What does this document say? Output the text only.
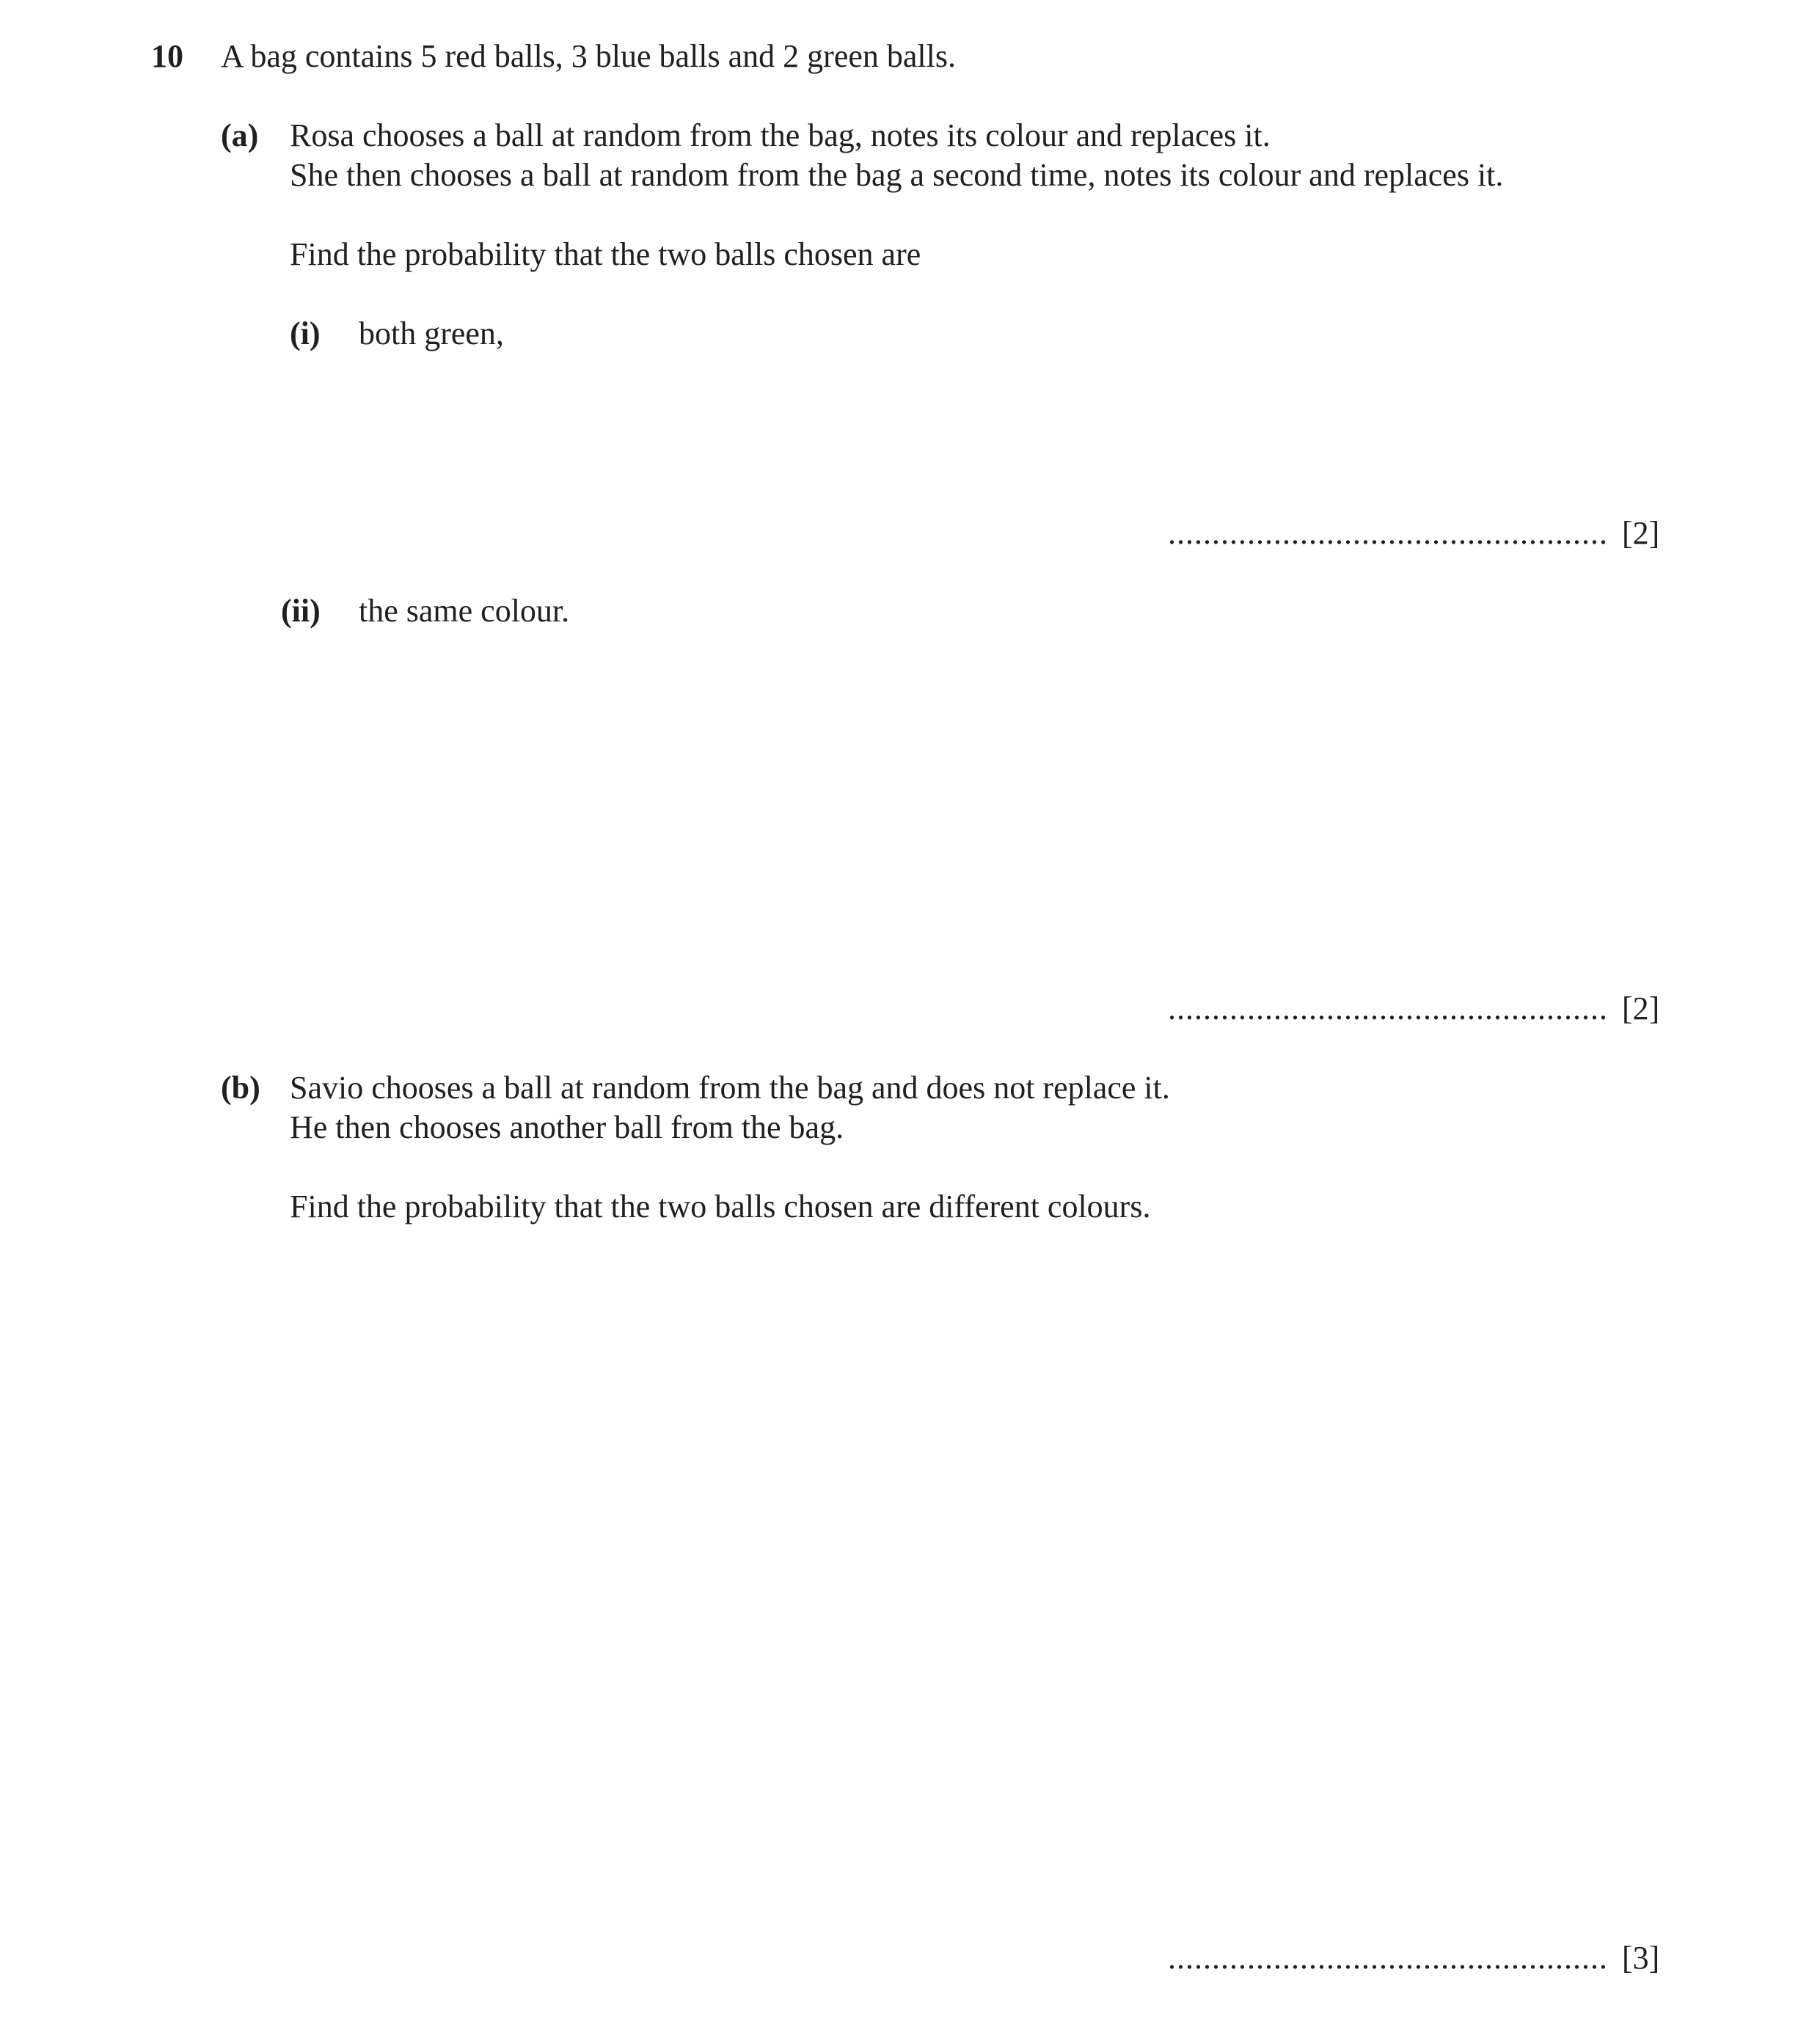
10 A bag contains 5 red balls, 3 blue balls and 2 green balls.
(a) Rosa chooses a ball at random from the bag, notes its colour and replaces it.
She then chooses a ball at random from the bag a second time, notes its colour and replaces it.
Find the probability that the two balls chosen are
(i) both green,
.................................................. [2]
(ii) the same colour.
.................................................. [2]
(b) Savio chooses a ball at random from the bag and does not replace it.
He then chooses another ball from the bag.
Find the probability that the two balls chosen are different colours.
.................................................. [3]
